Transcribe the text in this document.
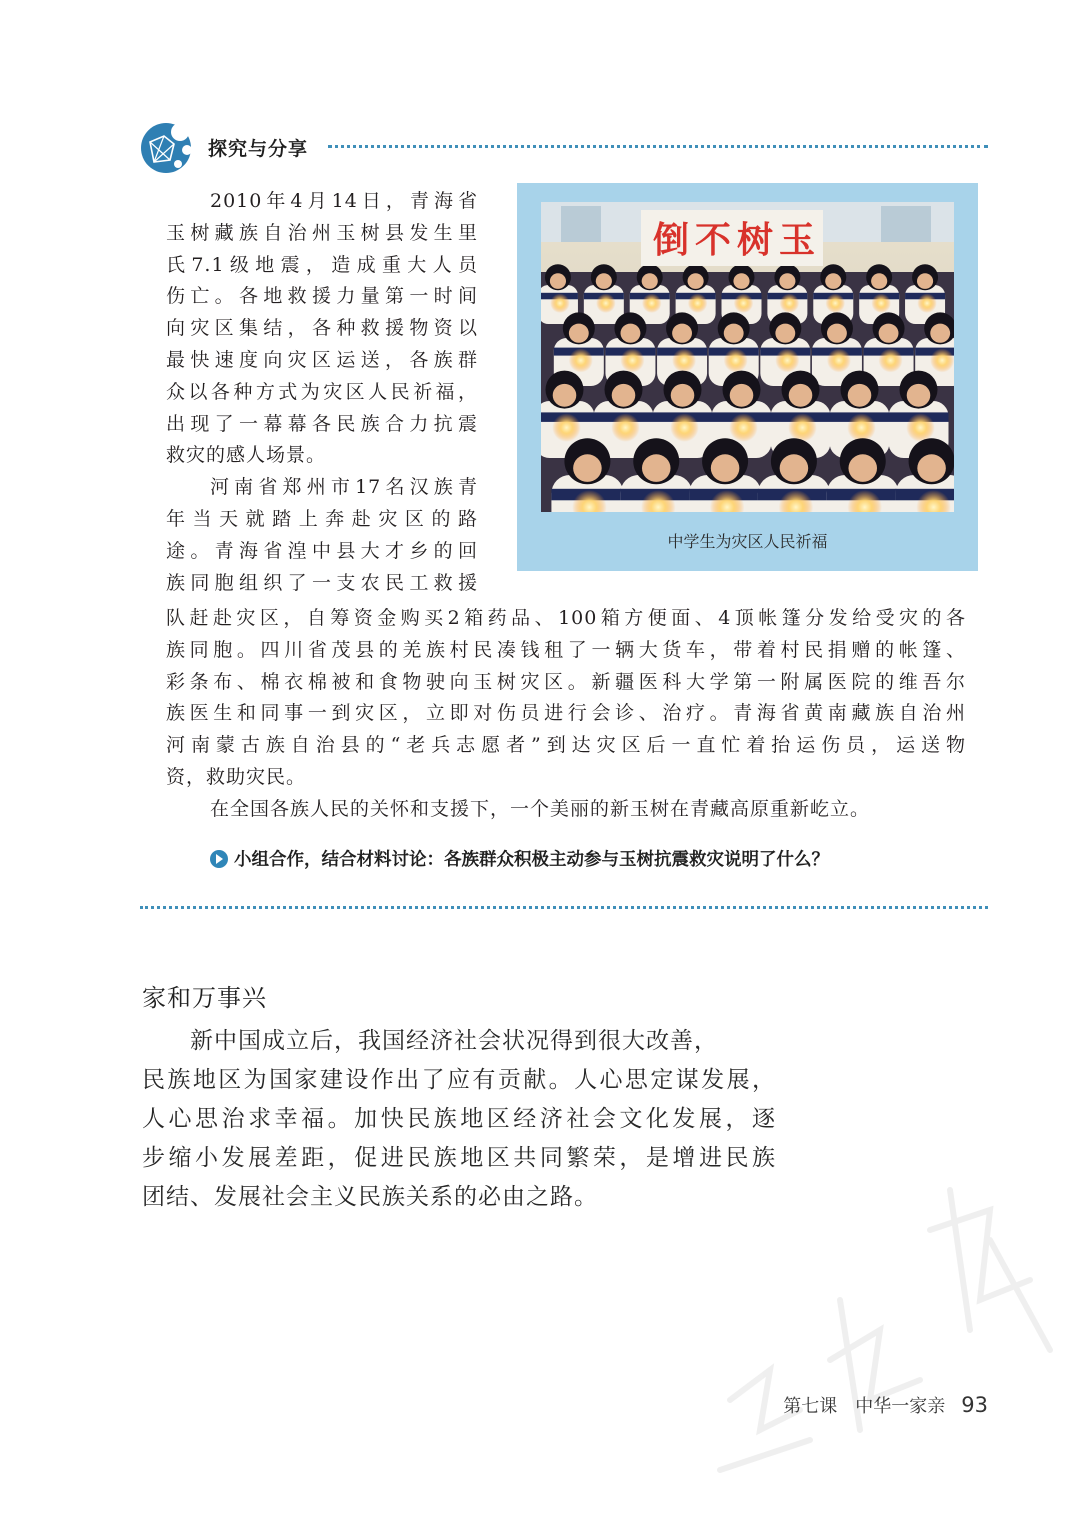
探究与分享
2010年4月14日，青海省
玉树藏族自治州玉树县发生里
氏7.1级地震，造成重大人员
伤亡。各地救援力量第一时间
向灾区集结，各种救援物资以
最快速度向灾区运送，各族群
众以各种方式为灾区人民祈福，
出现了一幕幕各民族合力抗震
救灾的感人场景。
河南省郑州市17名汉族青
年当天就踏上奔赴灾区的路
途。青海省湟中县大才乡的回
族同胞组织了一支农民工救援
倒 不 树 玉
中学生为灾区人民祈福
队赶赴灾区，自筹资金购买2箱药品、100箱方便面、4顶帐篷分发给受灾的各
族同胞。四川省茂县的羌族村民凑钱租了一辆大货车，带着村民捐赠的帐篷、
彩条布、棉衣棉被和食物驶向玉树灾区。新疆医科大学第一附属医院的维吾尔
族医生和同事一到灾区，立即对伤员进行会诊、治疗。青海省黄南藏族自治州
河南蒙古族自治县的“老兵志愿者”到达灾区后一直忙着抬运伤员，运送物
资，救助灾民。
在全国各族人民的关怀和支援下，一个美丽的新玉树在青藏高原重新屹立。
小组合作，结合材料讨论：各族群众积极主动参与玉树抗震救灾说明了什么？
家和万事兴
新中国成立后，我国经济社会状况得到很大改善，
民族地区为国家建设作出了应有贡献。人心思定谋发展，
人心思治求幸福。加快民族地区经济社会文化发展，逐
步缩小发展差距，促进民族地区共同繁荣，是增进民族
团结、发展社会主义民族关系的必由之路。
第七课　中华一家亲 93
